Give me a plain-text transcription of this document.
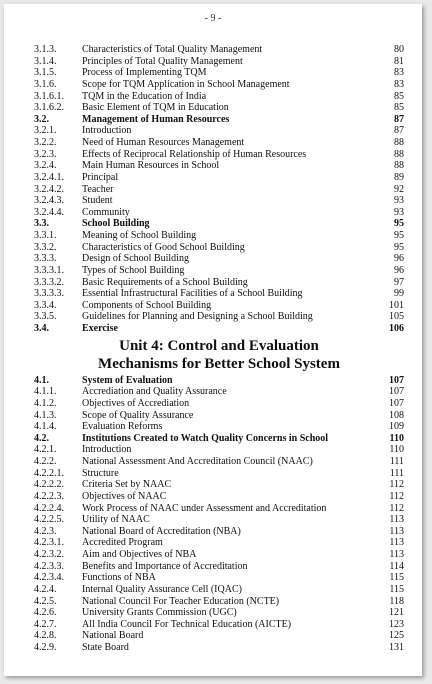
- 9 -
3.1.3.	Characteristics of Total Quality Management	80
3.1.4.	Principles of Total Quality Management	81
3.1.5.	Process of Implementing TQM	83
3.1.6.	Scope for TQM Application in School Management	83
3.1.6.1.	TQM in the Education of India	85
3.1.6.2.	Basic Element of TQM in Education	85
3.2.	Management of Human Resources	87
3.2.1.	Introduction	87
3.2.2.	Need of Human Resources Management	88
3.2.3.	Effects of Reciprocal Relationship of Human Resources	88
3.2.4.	Main Human Resources in School	88
3.2.4.1.	Principal	89
3.2.4.2.	Teacher	92
3.2.4.3.	Student	93
3.2.4.4.	Community	93
3.3.	School Building	95
3.3.1.	Meaning of School Building	95
3.3.2.	Characteristics of Good School Building	95
3.3.3.	Design of School Building	96
3.3.3.1.	Types of School Building	96
3.3.3.2.	Basic Requirements of a School Building	97
3.3.3.3.	Essential Infrastructural Facilities of a School Building	99
3.3.4.	Components of School Building	101
3.3.5.	Guidelines for Planning and Designing a School Building	105
3.4.	Exercise	106
Unit 4: Control and Evaluation
Mechanisms for Better School System
4.1.	System of Evaluation	107
4.1.1.	Accrediation and Quality Assurance	107
4.1.2.	Objectives of Accrediation	107
4.1.3.	Scope of Quality Assurance	108
4.1.4.	Evaluation Reforms	109
4.2.	Institutions Created to Watch Quality Concerns in School	110
4.2.1.	Introduction	110
4.2.2.	National Assessment And Accreditation Council (NAAC)	111
4.2.2.1.	Structure	111
4.2.2.2.	Criteria Set by NAAC	112
4.2.2.3.	Objectives of NAAC	112
4.2.2.4.	Work Process of NAAC under Assessment and Accreditation	112
4.2.2.5.	Utility of NAAC	113
4.2.3.	National Board of Accreditation (NBA)	113
4.2.3.1.	Accredited Program	113
4.2.3.2.	Aim and Objectives of NBA	113
4.2.3.3.	Benefits and Importance of Accreditation	114
4.2.3.4.	Functions of NBA	115
4.2.4.	Internal Quality Assurance Cell (IQAC)	115
4.2.5.	National Council For Teacher Education (NCTE)	118
4.2.6.	University Grants Commission (UGC)	121
4.2.7.	All India Council For Technical Education (AICTE)	123
4.2.8.	National Board	125
4.2.9.	State Board	131
